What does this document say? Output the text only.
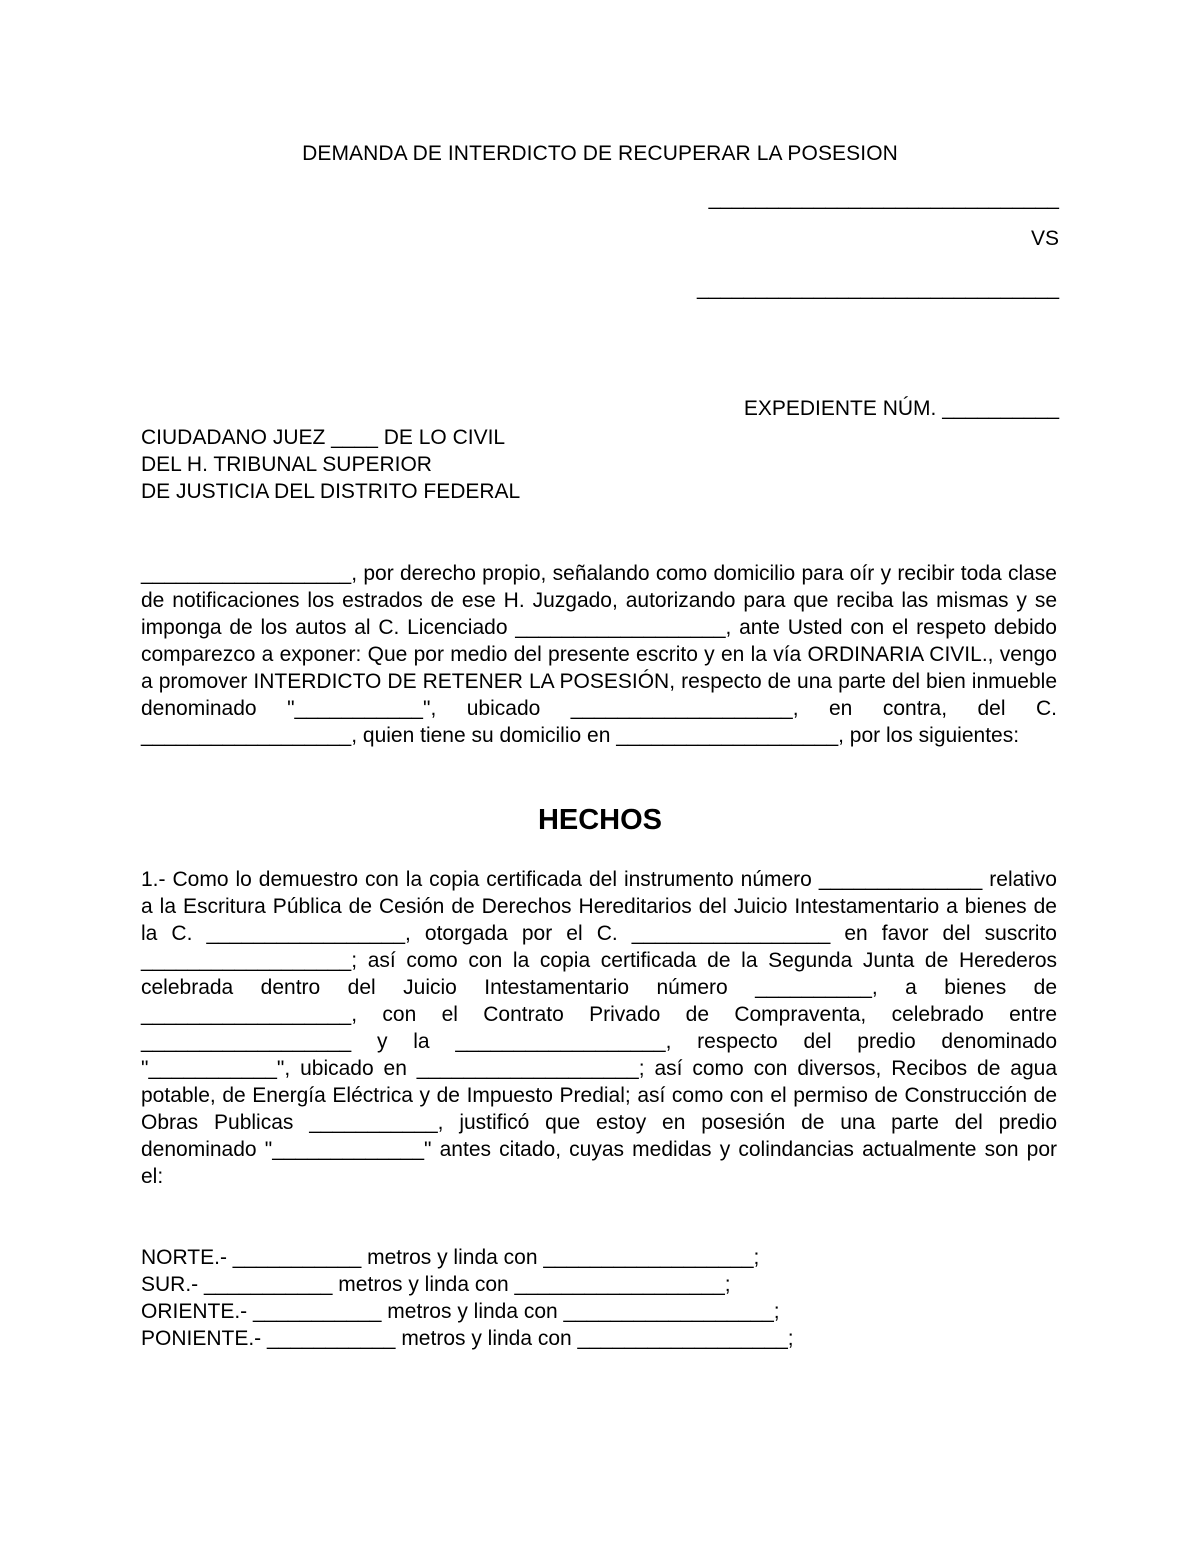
DEMANDA DE INTERDICTO DE RECUPERAR LA POSESION
______________________________
VS
_______________________________
EXPEDIENTE NÚM. __________
CIUDADANO JUEZ ____ DE LO CIVIL
DEL H. TRIBUNAL SUPERIOR
DE JUSTICIA DEL DISTRITO FEDERAL
__________________, por derecho propio, señalando como domicilio para oír y recibir toda clase de notificaciones los estrados de ese H. Juzgado, autorizando para que reciba las mismas y se imponga de los autos al C. Licenciado __________________, ante Usted con el respeto debido comparezco a exponer: Que por medio del presente escrito y en la vía ORDINARIA CIVIL., vengo a promover INTERDICTO DE RETENER LA POSESIÓN, respecto de una parte del bien inmueble denominado "___________", ubicado ___________________, en contra, del C. __________________, quien tiene su domicilio en ___________________, por los siguientes:
HECHOS
1.- Como lo demuestro con la copia certificada del instrumento número ______________ relativo a la Escritura Pública de Cesión de Derechos Hereditarios del Juicio Intestamentario a bienes de la C. _________________, otorgada por el C. _________________ en favor del suscrito __________________; así como con la copia certificada de la Segunda Junta de Herederos celebrada dentro del Juicio Intestamentario número __________, a bienes de __________________, con el Contrato Privado de Compraventa, celebrado entre __________________ y la __________________, respecto del predio denominado "___________", ubicado en ___________________; así como con diversos, Recibos de agua potable, de Energía Eléctrica y de Impuesto Predial; así como con el permiso de Construcción de Obras Publicas ___________, justificó que estoy en posesión de una parte del predio denominado "_____________" antes citado, cuyas medidas y colindancias actualmente son por el:
NORTE.- ___________ metros y linda con __________________;
SUR.- ___________ metros y linda con __________________;
ORIENTE.- ___________ metros y linda con __________________;
PONIENTE.- ___________ metros y linda con __________________;
